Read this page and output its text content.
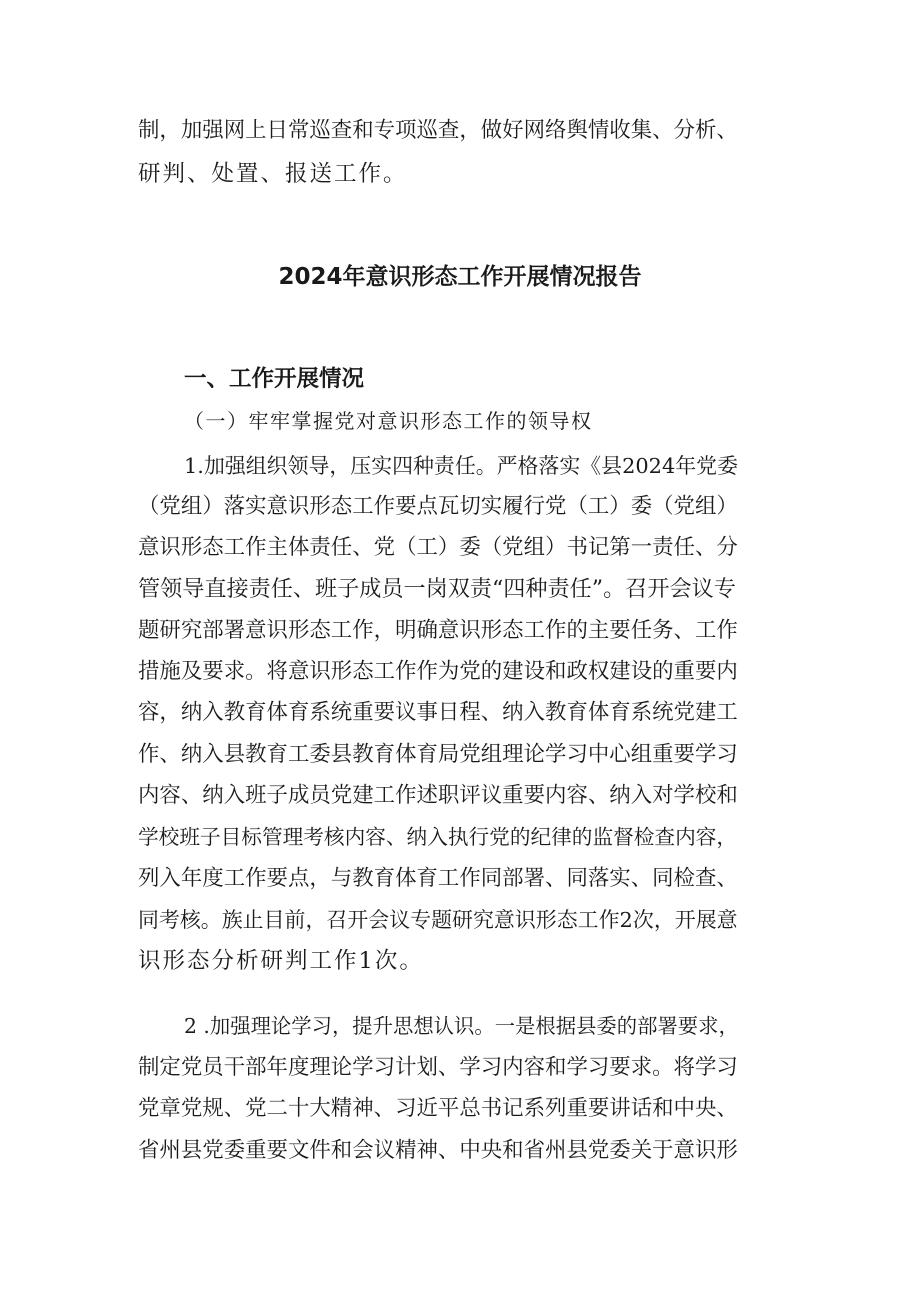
制，加强网上日常巡查和专项巡查，做好网络舆情收集、分析、
研判、处置、报送工作。
2024年意识形态工作开展情况报告
一、工作开展情况
（一）牢牢掌握党对意识形态工作的领导权
1.加强组织领导，压实四种责任。严格落实《县2024年党委
（党组）落实意识形态工作要点瓦切实履行党（工）委（党组）
意识形态工作主体责任、党（工）委（党组）书记第一责任、分
管领导直接责任、班子成员一岗双责“四种责任”。召开会议专
题研究部署意识形态工作，明确意识形态工作的主要任务、工作
措施及要求。将意识形态工作作为党的建设和政权建设的重要内
容，纳入教育体育系统重要议事日程、纳入教育体育系统党建工
作、纳入县教育工委县教育体育局党组理论学习中心组重要学习
内容、纳入班子成员党建工作述职评议重要内容、纳入对学校和
学校班子目标管理考核内容、纳入执行党的纪律的监督检查内容，
列入年度工作要点，与教育体育工作同部署、同落实、同检查、
同考核。族止目前，召开会议专题研究意识形态工作2次，开展意
识形态分析研判工作1次。
2 .加强理论学习，提升思想认识。一是根据县委的部署要求，
制定党员干部年度理论学习计划、学习内容和学习要求。将学习
党章党规、党二十大精神、习近平总书记系列重要讲话和中央、
省州县党委重要文件和会议精神、中央和省州县党委关于意识形
